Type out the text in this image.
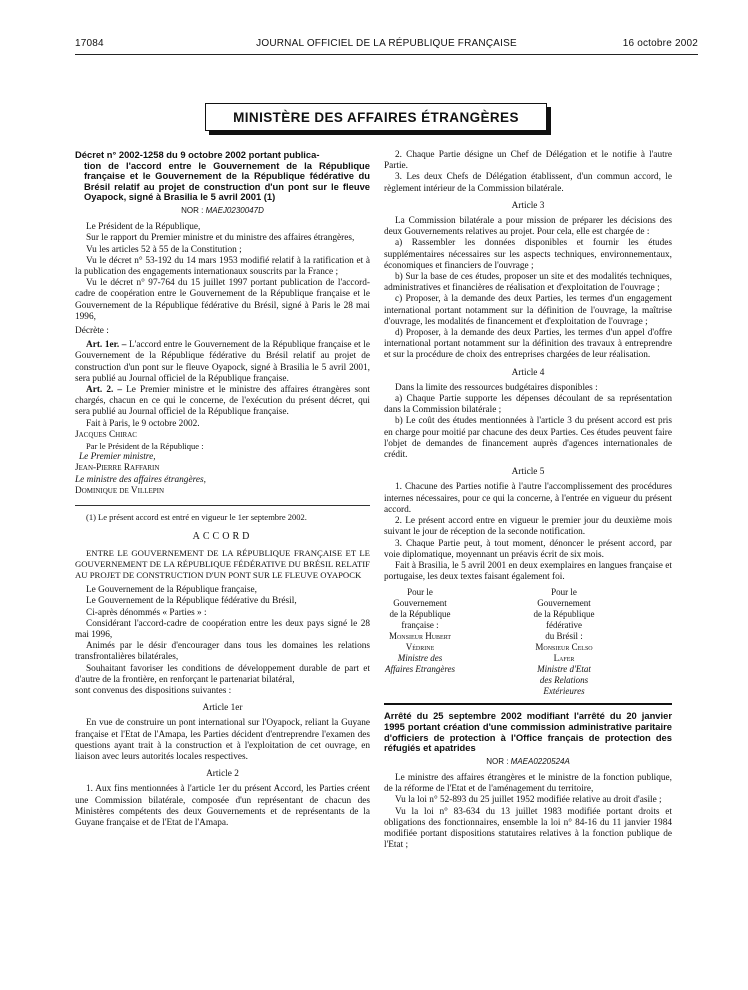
17084	JOURNAL OFFICIEL DE LA RÉPUBLIQUE FRANÇAISE	16 octobre 2002
MINISTÈRE DES AFFAIRES ÉTRANGÈRES
Décret n° 2002-1258 du 9 octobre 2002 portant publica-
tion de l'accord entre le Gouvernement de la République française et le Gouvernement de la République fédérative du Brésil relatif au projet de construction d'un pont sur le fleuve Oyapock, signé à Brasilia le 5 avril 2001 (1)
NOR : MAEJ0230047D

Le Président de la République,

Sur le rapport du Premier ministre et du ministre des affaires étrangères,

Vu les articles 52 à 55 de la Constitution ;

Vu le décret n° 53-192 du 14 mars 1953 modifié relatif à la ratification et à la publication des engagements internationaux souscrits par la France ;

Vu le décret n° 97-764 du 15 juillet 1997 portant publication de l'accord-cadre de coopération entre le Gouvernement de la République française et le Gouvernement de la République fédérative du Brésil, signé à Paris le 28 mai 1996,

Décrète :

Art. 1er. – L'accord entre le Gouvernement de la République française et le Gouvernement de la République fédérative du Brésil relatif au projet de construction d'un pont sur le fleuve Oyapock, signé à Brasilia le 5 avril 2001, sera publié au Journal officiel de la République française.

Art. 2. – Le Premier ministre et le ministre des affaires étrangères sont chargés, chacun en ce qui le concerne, de l'exécution du présent décret, qui sera publié au Journal officiel de la République française.

Fait à Paris, le 9 octobre 2002.

Jacques Chirac

Par le Président de la République :

Le Premier ministre,

Jean-Pierre Raffarin

Le ministre des affaires étrangères,

Dominique de Villepin

(1) Le présent accord est entré en vigueur le 1er septembre 2002.

ACCORD

ENTRE LE GOUVERNEMENT DE LA RÉPUBLIQUE FRANÇAISE ET LE GOUVERNEMENT DE LA RÉPUBLIQUE FÉDÉRATIVE DU BRÉSIL RELATIF AU PROJET DE CONSTRUCTION D'UN PONT SUR LE FLEUVE OYAPOCK

Le Gouvernement de la République française,

Le Gouvernement de la République fédérative du Brésil,

Ci-après dénommés « Parties » :

Considérant l'accord-cadre de coopération entre les deux pays signé le 28 mai 1996,

Animés par le désir d'encourager dans tous les domaines les relations transfrontalières bilatérales,

Souhaitant favoriser les conditions de développement durable de part et d'autre de la frontière, en renforçant le partenariat bilatéral,

sont convenus des dispositions suivantes :

Article 1er

En vue de construire un pont international sur l'Oyapock, reliant la Guyane française et l'Etat de l'Amapa, les Parties décident d'entreprendre l'examen des questions ayant trait à la construction et à l'exploitation de cet ouvrage, en liaison avec leurs autorités locales respectives.

Article 2

1. Aux fins mentionnées à l'article 1er du présent Accord, les Parties créent une Commission bilatérale, composée d'un représentant de chacun des Ministères compétents des deux Gouvernements et de représentants de la Guyane française et de l'Etat de l'Amapa.

2. Chaque Partie désigne un Chef de Délégation et le notifie à l'autre Partie.

3. Les deux Chefs de Délégation établissent, d'un commun accord, le règlement intérieur de la Commission bilatérale.

Article 3

La Commission bilatérale a pour mission de préparer les décisions des deux Gouvernements relatives au projet. Pour cela, elle est chargée de :

a) Rassembler les données disponibles et fournir les études supplémentaires nécessaires sur les aspects techniques, environnementaux, économiques et financiers de l'ouvrage ;

b) Sur la base de ces études, proposer un site et des modalités techniques, administratives et financières de réalisation et d'exploitation de l'ouvrage ;

c) Proposer, à la demande des deux Parties, les termes d'un engagement international portant notamment sur la définition de l'ouvrage, la maîtrise d'ouvrage, les modalités de financement et d'exploitation de l'ouvrage ;

d) Proposer, à la demande des deux Parties, les termes d'un appel d'offre international portant notamment sur la définition des travaux à entreprendre et sur la procédure de choix des entreprises chargées de leur réalisation.

Article 4

Dans la limite des ressources budgétaires disponibles :

a) Chaque Partie supporte les dépenses découlant de sa représentation dans la Commission bilatérale ;

b) Le coût des études mentionnées à l'article 3 du présent accord est pris en charge pour moitié par chacune des deux Parties. Ces études peuvent faire l'objet de demandes de financement auprès d'agences internationales de crédit.

Article 5

1. Chacune des Parties notifie à l'autre l'accomplissement des procédures internes nécessaires, pour ce qui la concerne, à l'entrée en vigueur du présent accord.

2. Le présent accord entre en vigueur le premier jour du deuxième mois suivant le jour de réception de la seconde notification.

3. Chaque Partie peut, à tout moment, dénoncer le présent accord, par voie diplomatique, moyennant un préavis écrit de six mois.

Fait à Brasilia, le 5 avril 2001 en deux exemplaires en langues française et portugaise, les deux textes faisant également foi.

Pour le Gouvernement
de la République française :
Monsieur Hubert Védrine
Ministre des Affaires Etrangères
Pour le Gouvernement
de la République fédérative
du Brésil :
Monsieur Celso Lafer
Ministre d'Etat
des Relations Extérieures
Arrêté du 25 septembre 2002 modifiant l'arrêté du 20 janvier 1995 portant création d'une commission administrative paritaire d'officiers de protection à l'Office français de protection des réfugiés et apatrides
NOR : MAEA0220524A

Le ministre des affaires étrangères et le ministre de la fonction publique, de la réforme de l'Etat et de l'aménagement du territoire,

Vu la loi n° 52-893 du 25 juillet 1952 modifiée relative au droit d'asile ;

Vu la loi n° 83-634 du 13 juillet 1983 modifiée portant droits et obligations des fonctionnaires, ensemble la loi n° 84-16 du 11 janvier 1984 modifiée portant dispositions statutaires relatives à la fonction publique de l'Etat ;
